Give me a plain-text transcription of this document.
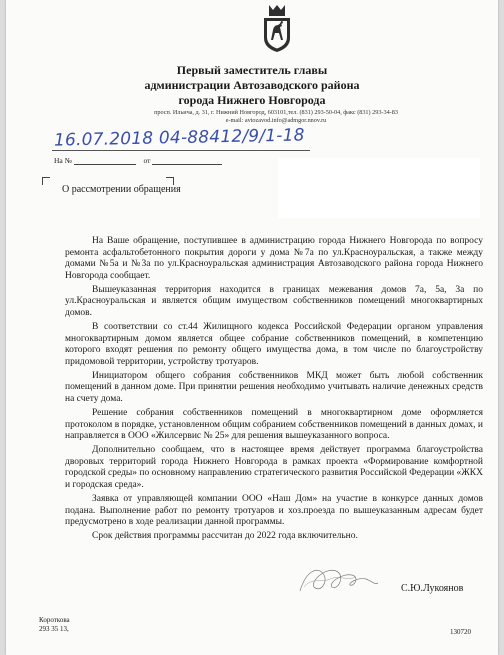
Первый заместитель главы
администрации Автозаводского района
города Нижнего Новгорода
просп. Ильича, д. 31, г. Нижний Новгород, 603101,тел. (831) 293-50-04, факс (831) 293-34-83
e-mail: avtozavod.info@admgor.nnov.ru
16.07.2018 04-88412/9/1-18
На №	от
О рассмотрении обращения

На Ваше обращение, поступившее в администрацию города Нижнего Новгорода по вопросу ремонта асфальтобетонного покрытия дороги у дома №7а по ул.Красноуральская, а также между домами №5а и №3а по ул.Красноуральская администрация Автозаводского района города Нижнего Новгорода сообщает.

Вышеуказанная территория находится в границах межевания домов 7а, 5а, 3а по ул.Красноуральская и является общим имуществом собственников помещений многоквартирных домов.

В соответствии со ст.44 Жилищного кодекса Российской Федерации органом управления многоквартирным домом является общее собрание собственников помещений, в компетенцию которого входят решения по ремонту общего имущества дома, в том числе по благоустройству придомовой территории, устройству тротуаров.

Инициатором общего собрания собственников МКД может быть любой собственник помещений в данном доме. При принятии решения необходимо учитывать наличие денежных средств на счету дома.

Решение собрания собственников помещений в многоквартирном доме оформляется протоколом в порядке, установленном общим собранием собственников помещений в данных домах, и направляется в ООО «Жилсервис № 25» для решения вышеуказанного вопроса.

Дополнительно сообщаем, что в настоящее время действует программа благоустройства дворовых территорий города Нижнего Новгорода в рамках проекта «Формирование комфортной городской среды» по основному направлению стратегического развития Российской Федерации «ЖКХ и городская среда».

Заявка от управляющей компании ООО «Наш Дом» на участие в конкурсе данных домов подана. Выполнение работ по ремонту тротуаров и хоз.проезда по вышеуказанным адресам будет предусмотрено в ходе реализации данной программы.

Срок действия программы рассчитан до 2022 года включительно.

С.Ю.Лукоянов
Короткова
293 35 13,	130720
